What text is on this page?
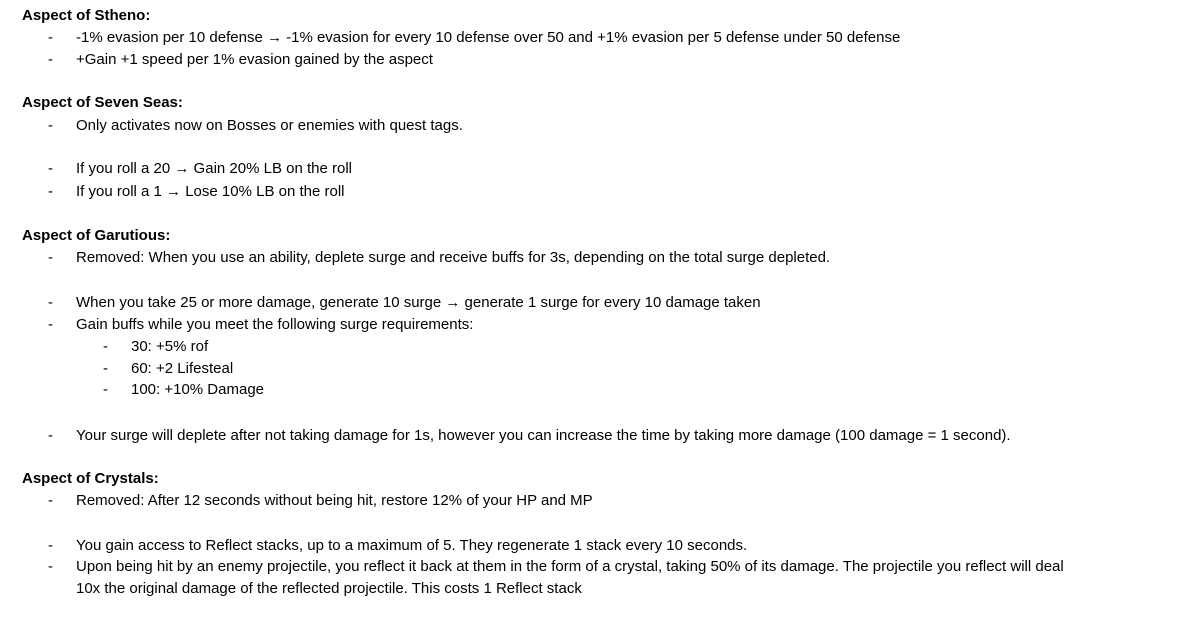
Aspect of Stheno:
- -1% evasion per 10 defense → -1% evasion for every 10 defense over 50 and +1% evasion per 5 defense under 50 defense
- +Gain +1 speed per 1% evasion gained by the aspect
Aspect of Seven Seas:
- Only activates now on Bosses or enemies with quest tags.
- If you roll a 20 → Gain 20% LB on the roll
- If you roll a 1 → Lose 10% LB on the roll
Aspect of Garutious:
- Removed: When you use an ability, deplete surge and receive buffs for 3s, depending on the total surge depleted.
- When you take 25 or more damage, generate 10 surge → generate 1 surge for every 10 damage taken
- Gain buffs while you meet the following surge requirements:
- 30: +5% rof
- 60: +2 Lifesteal
- 100: +10% Damage
- Your surge will deplete after not taking damage for 1s, however you can increase the time by taking more damage (100 damage = 1 second).
Aspect of Crystals:
- Removed: After 12 seconds without being hit, restore 12% of your HP and MP
- You gain access to Reflect stacks, up to a maximum of 5. They regenerate 1 stack every 10 seconds.
- Upon being hit by an enemy projectile, you reflect it back at them in the form of a crystal, taking 50% of its damage. The projectile you reflect will deal
10x the original damage of the reflected projectile. This costs 1 Reflect stack
